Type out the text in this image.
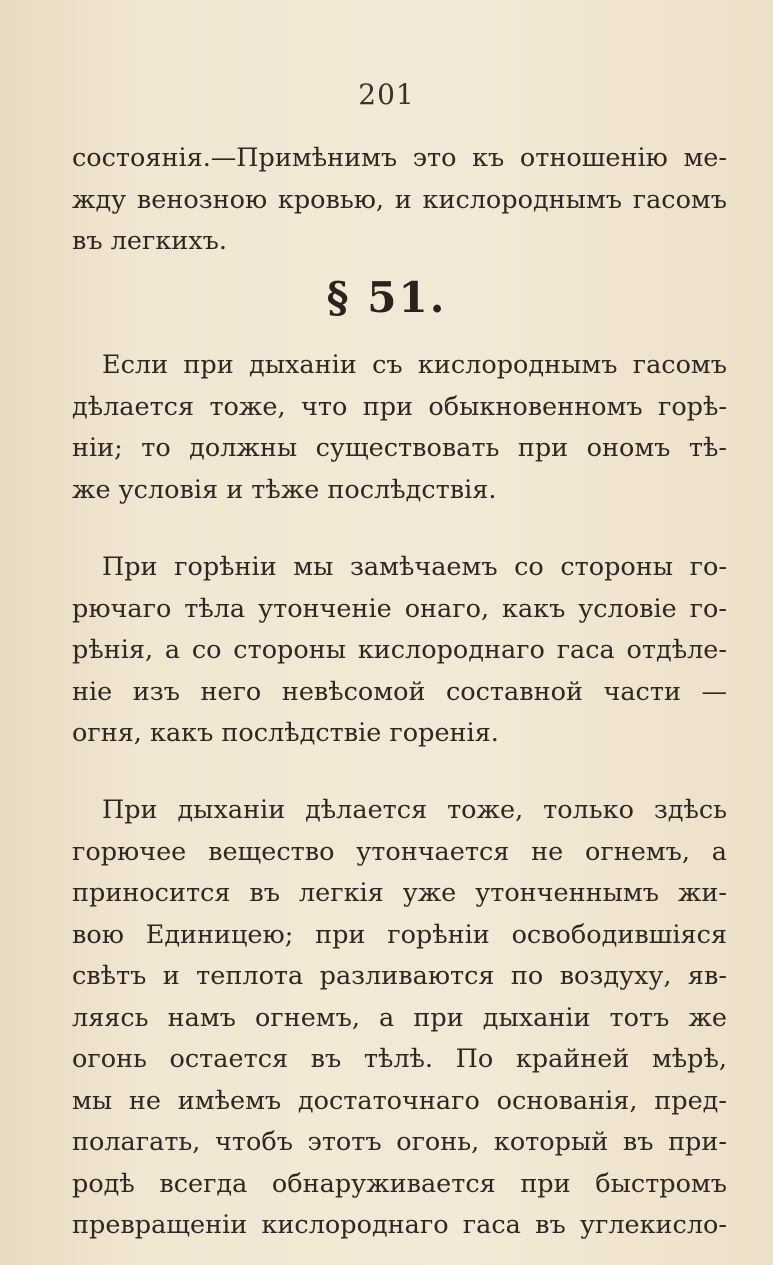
201
состоянія.—Примѣнимъ это къ отношенію ме-
жду венозною кровью, и кислороднымъ гасомъ
въ легкихъ.
§ 51.
Если при дыханіи съ кислороднымъ гасомъ
дѣлается тоже, что при обыкновенномъ горѣ-
ніи; то должны существовать при ономъ тѣ-
же условія и тѣже послѣдствія.
При горѣніи мы замѣчаемъ со стороны го-
рючаго тѣла утонченіе онаго, какъ условіе го-
рѣнія, а со стороны кислороднаго гаса отдѣле-
ніе изъ него невѣсомой составной части —
огня, какъ послѣдствіе горенія.
При дыханіи дѣлается тоже, только здѣсь
горючее вещество утончается не огнемъ, а
приносится въ легкія уже утонченнымъ жи-
вою Единицею; при горѣніи освободившіяся
свѣтъ и теплота разливаются по воздуху, яв-
ляясь намъ огнемъ, а при дыханіи тотъ же
огонь остается въ тѣлѣ. По крайней мѣрѣ,
мы не имѣемъ достаточнаго основанія, пред-
полагать, чтобъ этотъ огонь, который въ при-
родѣ всегда обнаруживается при быстромъ
превращеніи кислороднаго гаса въ углекисло-
